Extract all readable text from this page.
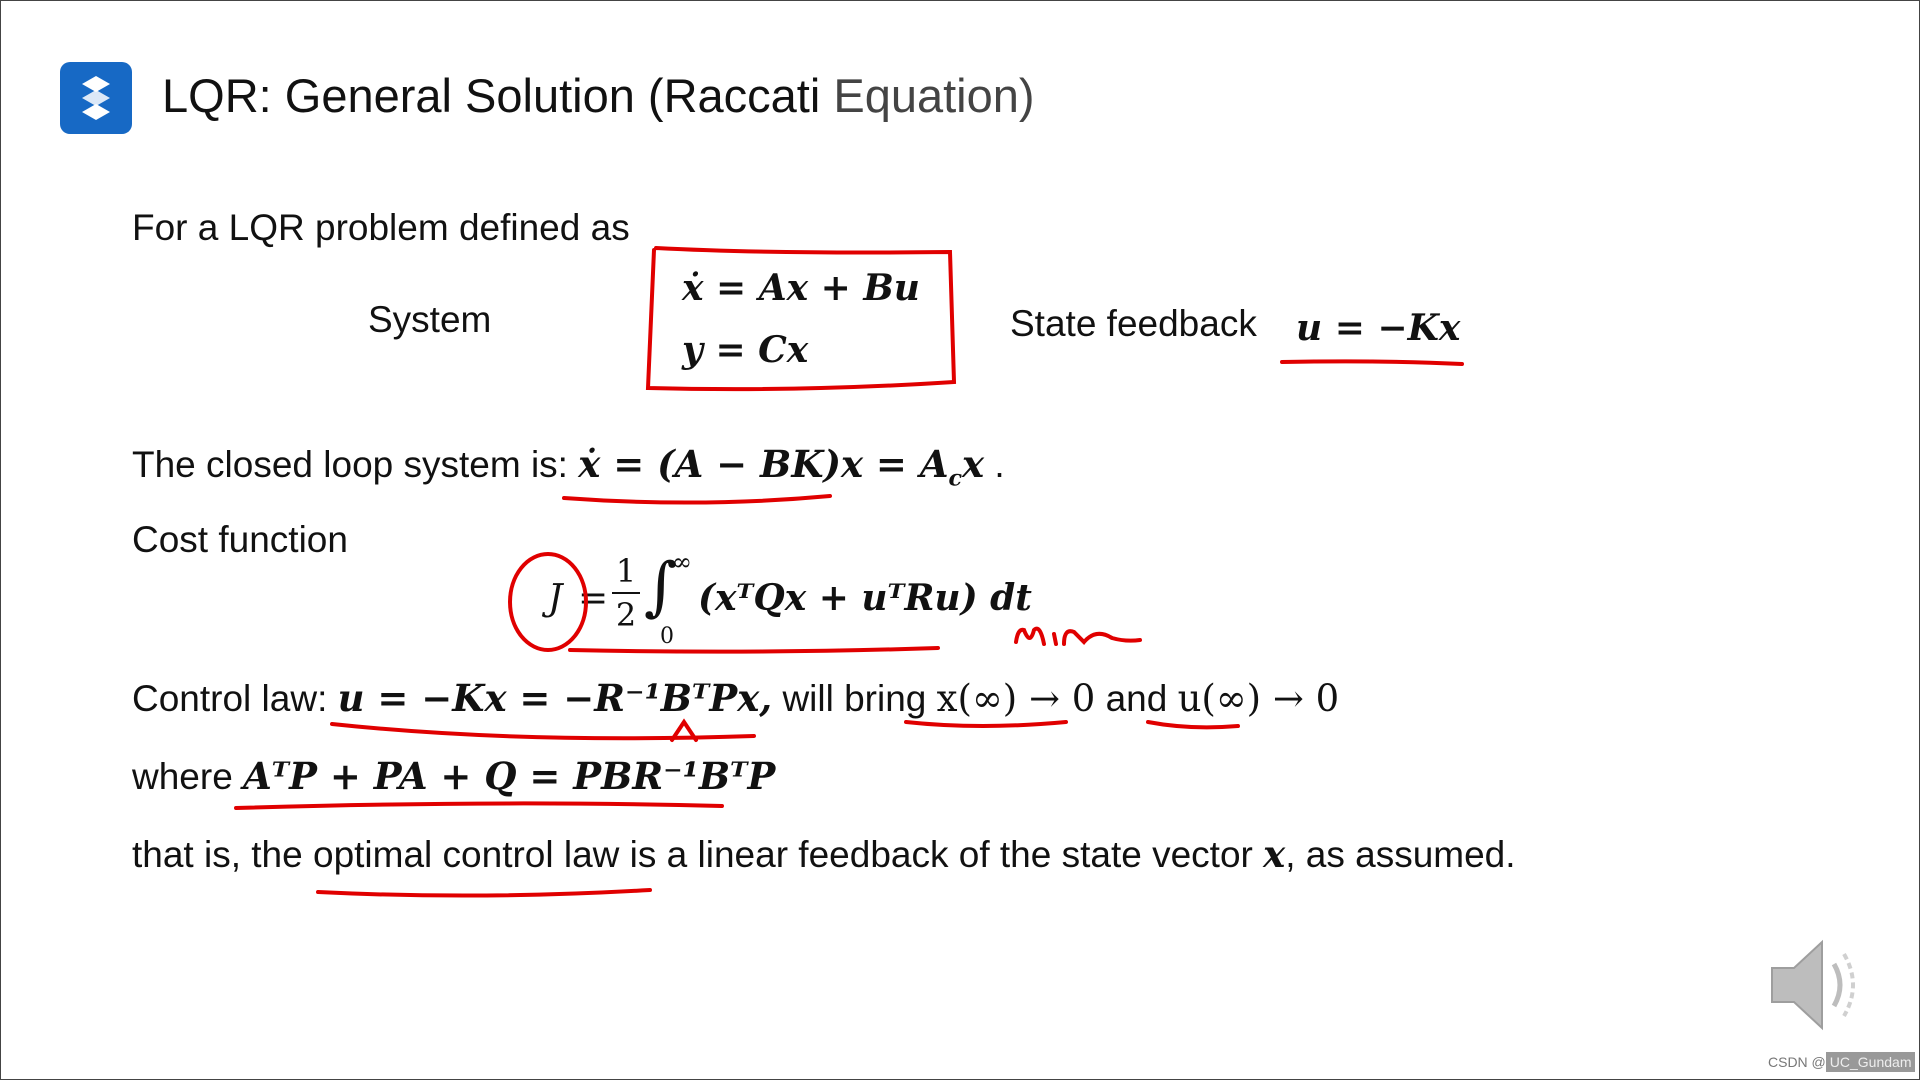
LQR: General Solution (Raccati Equation)
For a LQR problem defined as
System
ẋ = Ax + Bu
y = Cx
State feedback u = −Kx
The closed loop system is: ẋ = $(A - BK)x = A_cx$ .
Cost function
J =
1
2 ∫
∞
0
(xᵀQx + uᵀRu) dt
Control law: u = −Kx = −R⁻¹BᵀPx, will bring x(∞) → 0 and u(∞) → 0
where AᵀP + PA + Q = PBR⁻¹BᵀP
that is, the optimal control law is a linear feedback of the state vector x, as assumed.
CSDN @ UC_Gundam
